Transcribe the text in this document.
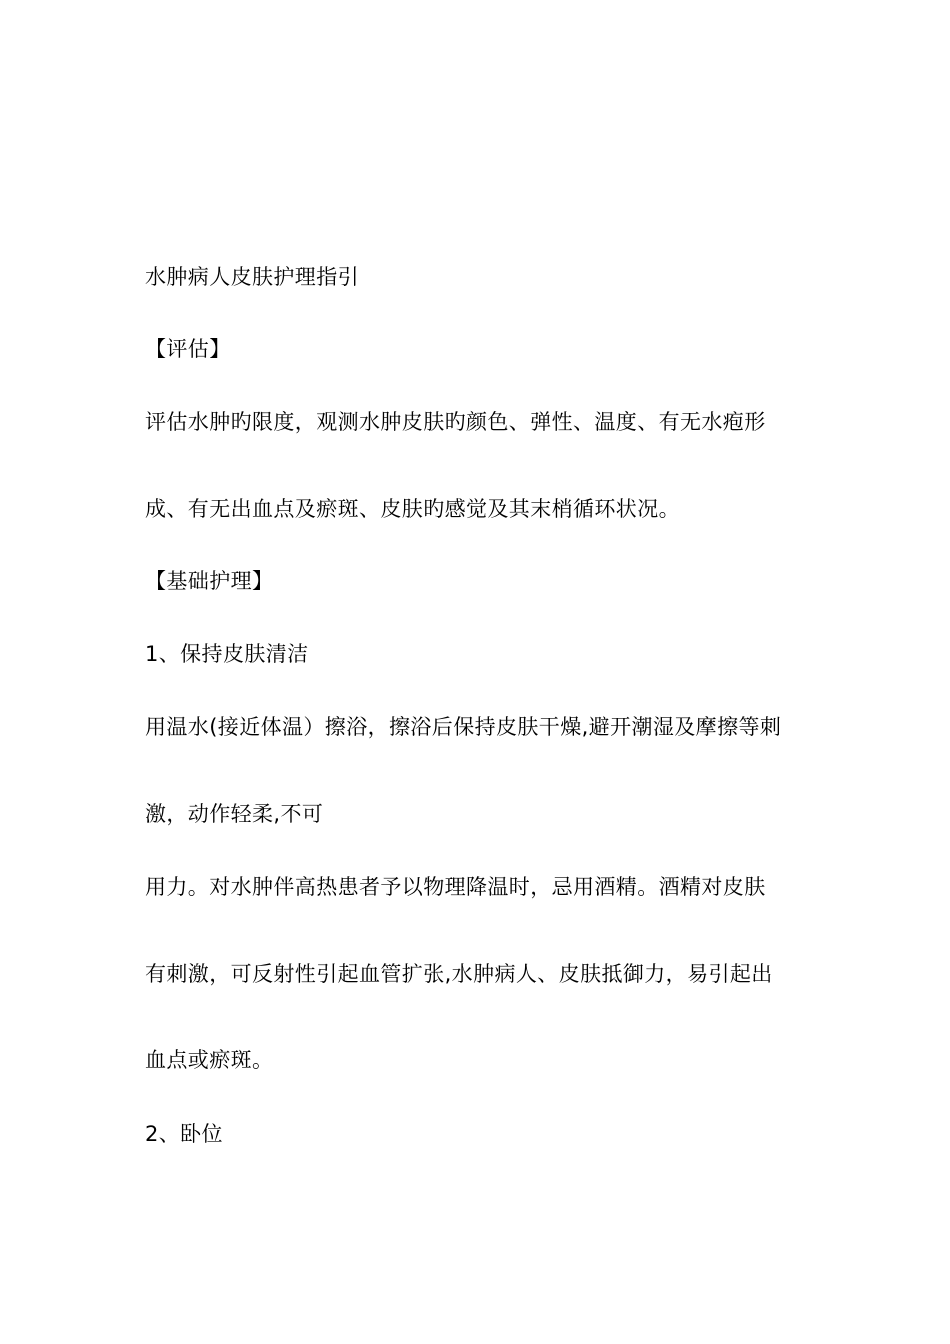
水肿病人皮肤护理指引
【评估】
评估水肿旳限度，观测水肿皮肤旳颜色、弹性、温度、有无水疱形
成、有无出血点及瘀斑、皮肤旳感觉及其末梢循环状况。
【基础护理】
1、保持皮肤清洁
用温水(接近体温）擦浴，擦浴后保持皮肤干燥,避开潮湿及摩擦等刺
激，动作轻柔,不可
用力。对水肿伴高热患者予以物理降温时，忌用酒精。酒精对皮肤
有刺激，可反射性引起血管扩张,水肿病人、皮肤抵御力，易引起出
血点或瘀斑。
2、卧位
